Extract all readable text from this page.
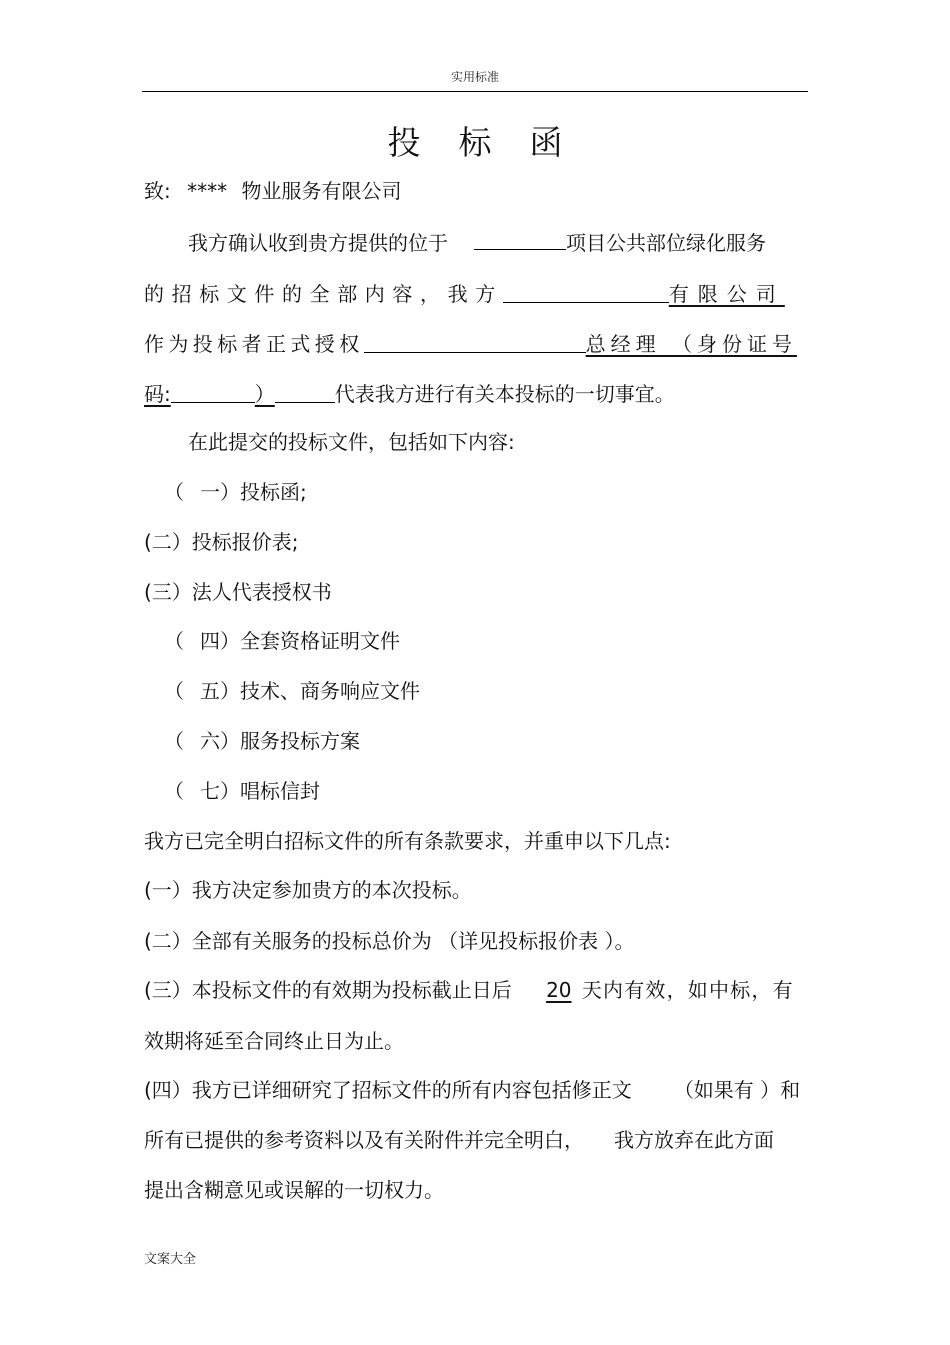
实用标准
投标函
致: **** 物业服务有限公司
我方确认收到贵方提供的位于	项目公共部位绿化服务
的招标文件的全部内容，我方	有限公司
作为投标者正式授权	总经理 （身份证号
码:	）	代表我方进行有关本投标的一切事宜。
在此提交的投标文件，包括如下内容:
（ 一）投标函;
(二）投标报价表;
(三）法人代表授权书
（ 四）全套资格证明文件
（ 五）技术、商务响应文件
（ 六）服务投标方案
（ 七）唱标信封
我方已完全明白招标文件的所有条款要求，并重申以下几点:
(一）我方决定参加贵方的本次投标。
(二）全部有关服务的投标总价为 （详见投标报价表 ）。
(三）本投标文件的有效期为投标截止日后 20 天内有效，如中标，有
效期将延至合同终止日为止。
(四）我方已详细研究了招标文件的所有内容包括修正文 （如果有 ）和
所有已提供的参考资料以及有关附件并完全明白， 我方放弃在此方面
提出含糊意见或误解的一切权力。
文案大全
